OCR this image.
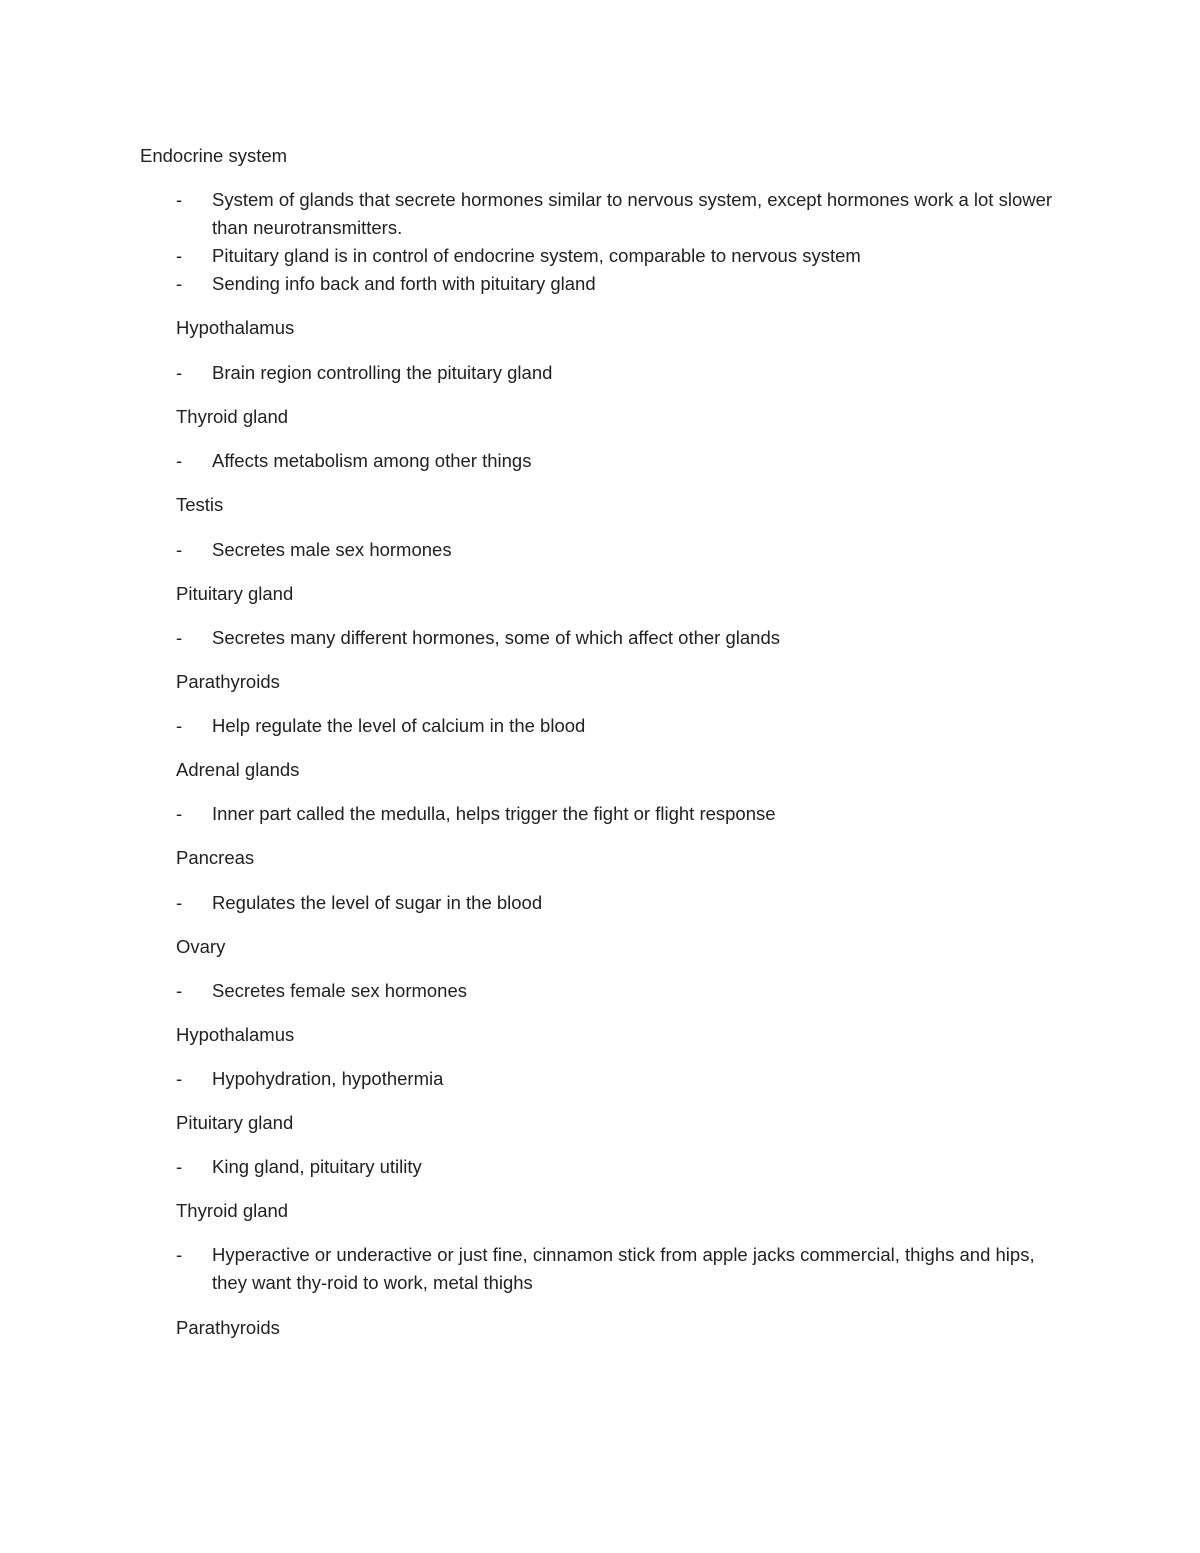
Endocrine system
- System of glands that secrete hormones similar to nervous system, except hormones work a lot slower than neurotransmitters.
- Pituitary gland is in control of endocrine system, comparable to nervous system
- Sending info back and forth with pituitary gland
Hypothalamus
- Brain region controlling the pituitary gland
Thyroid gland
- Affects metabolism among other things
Testis
- Secretes male sex hormones
Pituitary gland
- Secretes many different hormones, some of which affect other glands
Parathyroids
- Help regulate the level of calcium in the blood
Adrenal glands
- Inner part called the medulla, helps trigger the fight or flight response
Pancreas
- Regulates the level of sugar in the blood
Ovary
- Secretes female sex hormones
Hypothalamus
- Hypohydration, hypothermia
Pituitary gland
- King gland, pituitary utility
Thyroid gland
- Hyperactive or underactive or just fine, cinnamon stick from apple jacks commercial, thighs and hips, they want thy-roid to work, metal thighs
Parathyroids
